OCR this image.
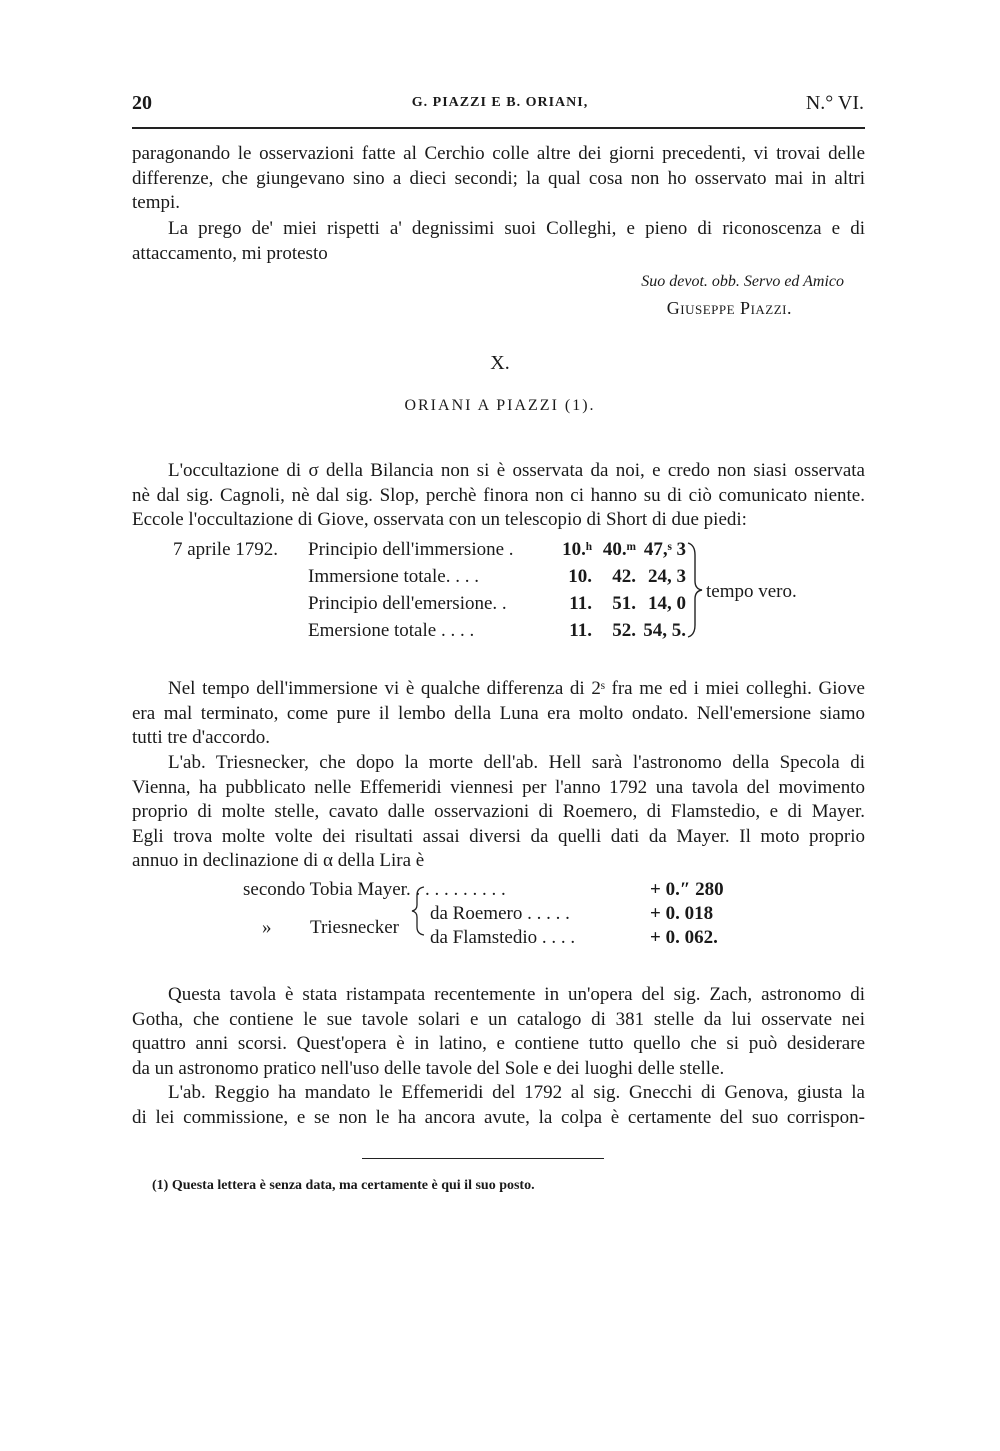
20	G. PIAZZI E B. ORIANI,	N.° VI.
paragonando le osservazioni fatte al Cerchio colle altre dei giorni precedenti, vi trovai delle
differenze, che giungevano sino a dieci secondi; la qual cosa non ho osservato mai in altri
tempi.
La prego de' miei rispetti a' degnissimi suoi Colleghi, e pieno di riconoscenza e di
attaccamento, mi protesto
Suo devot. obb. Servo ed Amico
Giuseppe Piazzi.
X.
ORIANI A PIAZZI (1).
L'occultazione di σ della Bilancia non si è osservata da noi, e credo non siasi osservata
nè dal sig. Cagnoli, nè dal sig. Slop, perchè finora non ci hanno su di ciò comunicato niente.
Eccole l'occultazione di Giove, osservata con un telescopio di Short di due piedi:
7 aprile 1792. Principio dell'immersione .	10.ʰ 40.ᵐ 47,ˢ 3
Immersione totale. . . .	10.	42. 24, 3
Principio dell'emersione. .	11.	51. 14, 0
Emersione totale . . . .	11.	52. 54, 5.
tempo vero.
Nel tempo dell'immersione vi è qualche differenza di 2ˢ fra me ed i miei colleghi. Giove
era mal terminato, come pure il lembo della Luna era molto ondato. Nell'emersione siamo
tutti tre d'accordo.
L'ab. Triesnecker, che dopo la morte dell'ab. Hell sarà l'astronomo della Specola di
Vienna, ha pubblicato nelle Effemeridi viennesi per l'anno 1792 una tavola del movimento
proprio di molte stelle, cavato dalle osservazioni di Roemero, di Flamstedio, e di Mayer.
Egli trova molte volte dei risultati assai diversi da quelli dati da Mayer. Il moto proprio
annuo in declinazione di α della Lira è
secondo Tobia Mayer. . . . . . . . . . .	+ 0.″ 280
» Triesnecker
da Roemero . . . . .	+ 0. 018
da Flamstedio . . . .	+ 0. 062.
Questa tavola è stata ristampata recentemente in un'opera del sig. Zach, astronomo di
Gotha, che contiene le sue tavole solari e un catalogo di 381 stelle da lui osservate nei
quattro anni scorsi. Quest'opera è in latino, e contiene tutto quello che si può desiderare
da un astronomo pratico nell'uso delle tavole del Sole e dei luoghi delle stelle.
L'ab. Reggio ha mandato le Effemeridi del 1792 al sig. Gnecchi di Genova, giusta la
di lei commissione, e se non le ha ancora avute, la colpa è certamente del suo corrispon-
(1) Questa lettera è senza data, ma certamente è qui il suo posto.
